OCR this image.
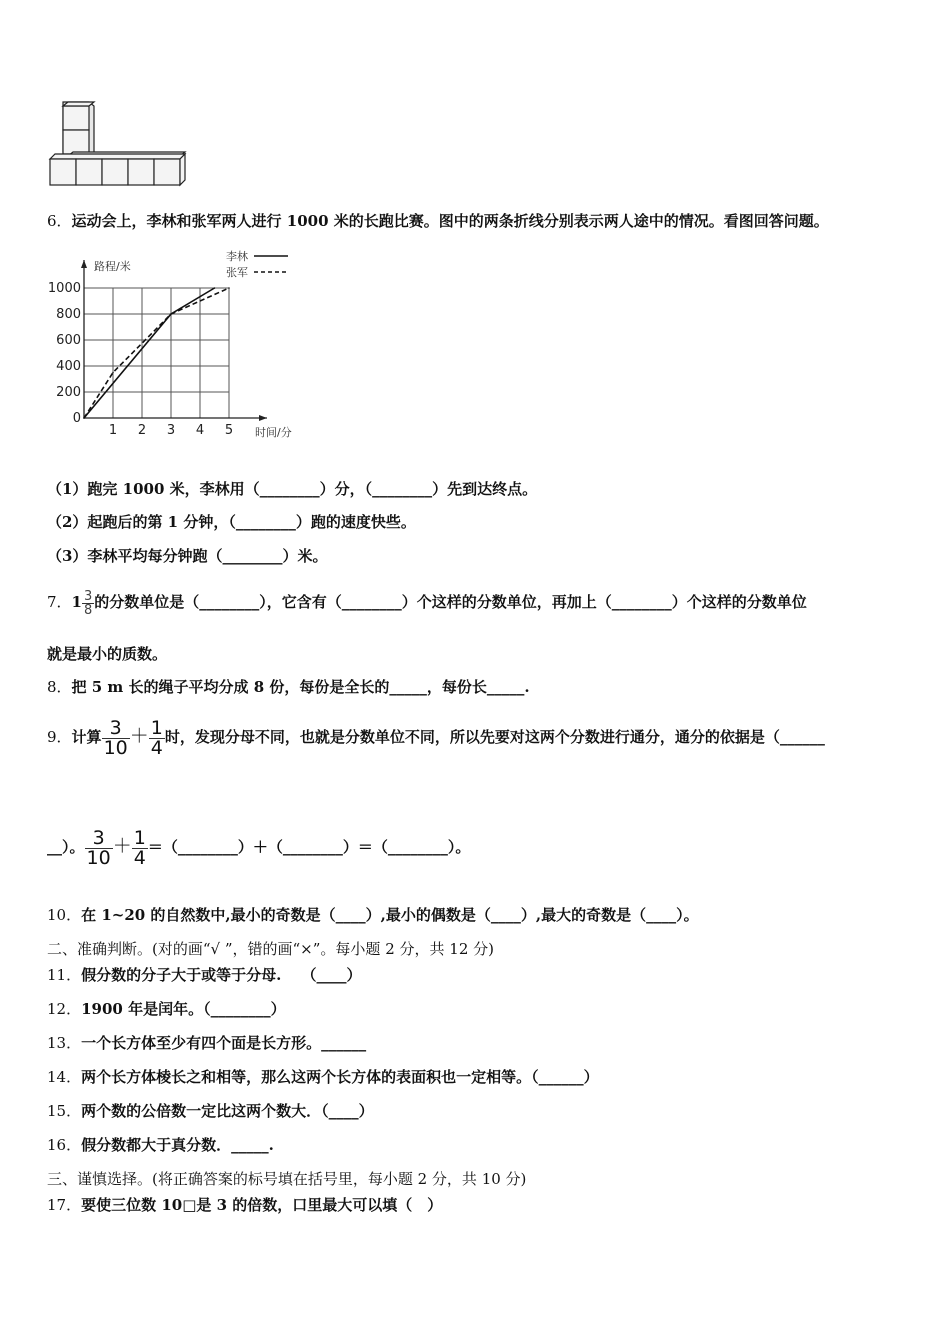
6．运动会上，李林和张军两人进行 1000 米的长跑比赛。图中的两条折线分别表示两人途中的情况。看图回答问题。
1 2 3 4 5
0
200
400
600
800
1000
路程/米
时间/分
李林
张军
（1）跑完 1000 米，李林用（________）分，（________）先到达终点。
（2）起跑后的第 1 分钟，（________）跑的速度快些。
（3）李林平均每分钟跑（________）米。
7．$1 \frac{3}{8}$ 的分数单位是（________），它含有（________）个这样的分数单位，再加上（________）个这样的分数单位
就是最小的质数。
8．把 5 m 长的绳子平均分成 8 份，每份是全长的_____，每份长_____.
9．计算 $\frac{3}{10} + \frac{1}{4}$ 时，发现分母不同，也就是分数单位不同，所以先要对这两个分数进行通分，通分的依据是（______
__）。 $\frac{3}{10} + \frac{1}{4}$ ＝（________）＋（________）＝（________）。
10．在 1~20 的自然数中,最小的奇数是（____）,最小的偶数是（____）,最大的奇数是（____）。
二、准确判断。(对的画“√ ”，错的画“×”。每小题 2 分，共 12 分)
11．假分数的分子大于或等于分母.　 （____）
12．1900 年是闰年。（________）
13．一个长方体至少有四个面是长方形。______
14．两个长方体棱长之和相等，那么这两个长方体的表面积也一定相等。（______）
15．两个数的公倍数一定比这两个数大．（____）
16．假分数都大于真分数．_____.
三、谨慎选择。(将正确答案的标号填在括号里，每小题 2 分，共 10 分)
17．要使三位数 10□是 3 的倍数，口里最大可以填（　）
